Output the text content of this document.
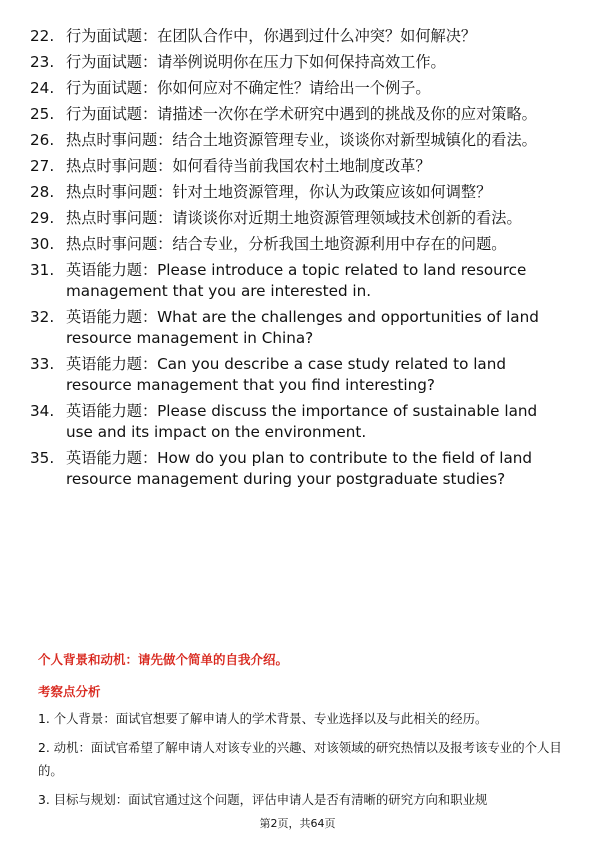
22. 行为面试题：在团队合作中，你遇到过什么冲突？如何解决？
23. 行为面试题：请举例说明你在压力下如何保持高效工作。
24. 行为面试题：你如何应对不确定性？请给出一个例子。
25. 行为面试题：请描述一次你在学术研究中遇到的挑战及你的应对策略。
26. 热点时事问题：结合土地资源管理专业，谈谈你对新型城镇化的看法。
27. 热点时事问题：如何看待当前我国农村土地制度改革？
28. 热点时事问题：针对土地资源管理，你认为政策应该如何调整？
29. 热点时事问题：请谈谈你对近期土地资源管理领域技术创新的看法。
30. 热点时事问题：结合专业，分析我国土地资源利用中存在的问题。
31. 英语能力题：Please introduce a topic related to land resource management that you are interested in.
32. 英语能力题：What are the challenges and opportunities of land resource management in China?
33. 英语能力题：Can you describe a case study related to land resource management that you find interesting?
34. 英语能力题：Please discuss the importance of sustainable land use and its impact on the environment.
35. 英语能力题：How do you plan to contribute to the field of land resource management during your postgraduate studies?
个人背景和动机：请先做个简单的自我介绍。
考察点分析
1. 个人背景：面试官想要了解申请人的学术背景、专业选择以及与此相关的经历。
2. 动机：面试官希望了解申请人对该专业的兴趣、对该领域的研究热情以及报考该专业的个人目的。
3. 目标与规划：面试官通过这个问题，评估申请人是否有清晰的研究方向和职业规
第2页，共64页
